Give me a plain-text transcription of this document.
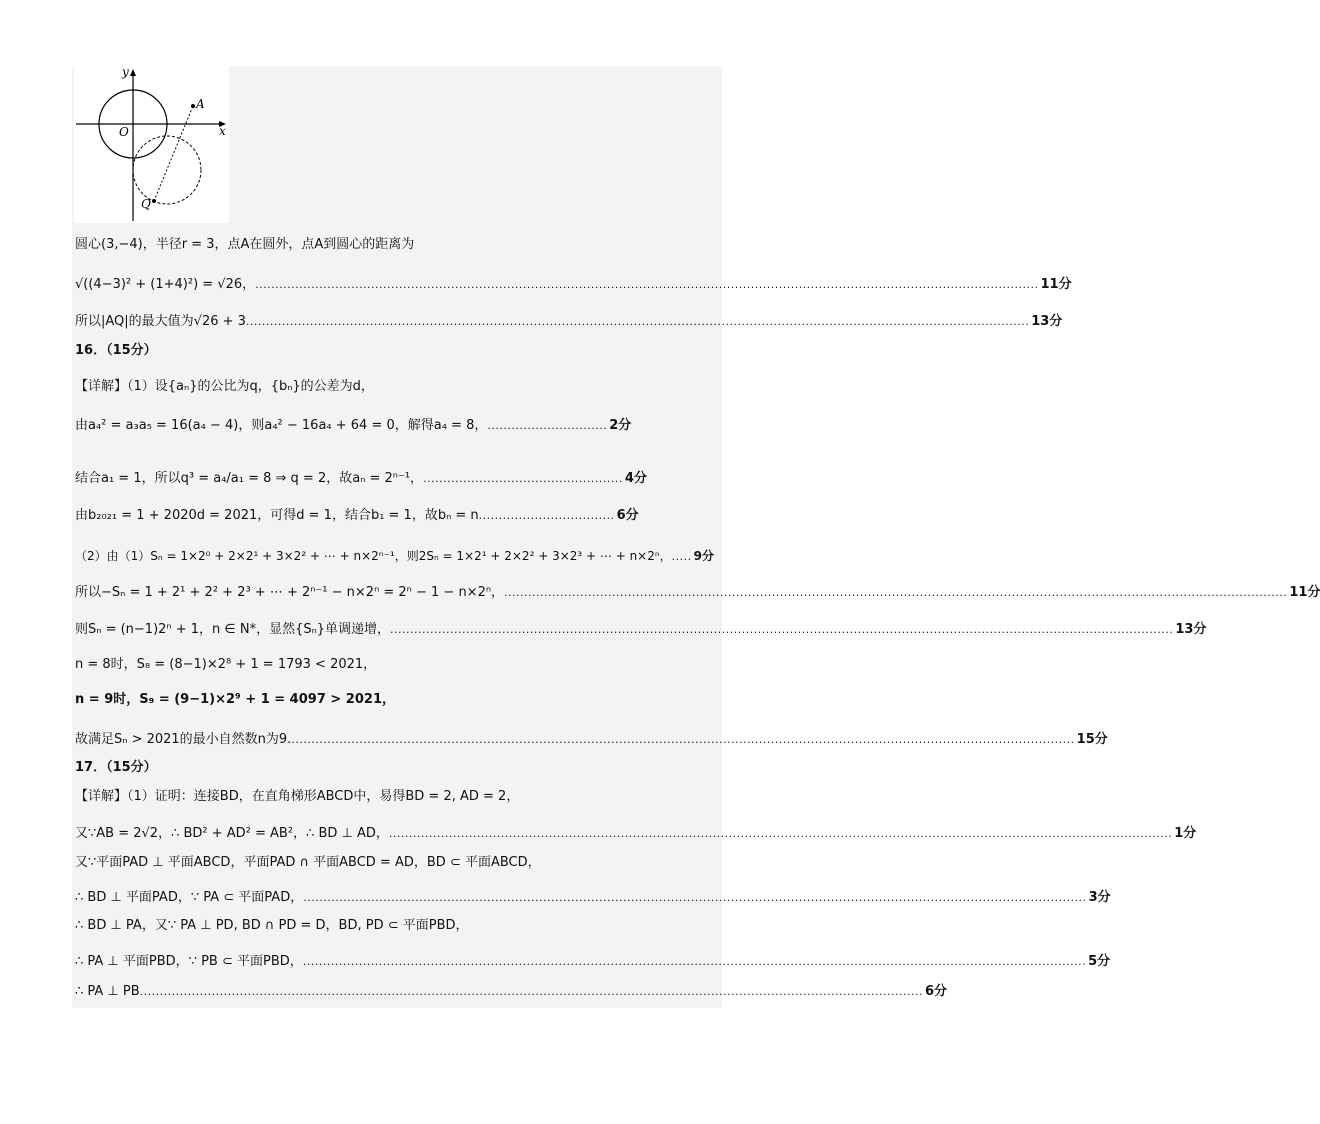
y
x
O
A
Q
圆心(3,−4)，半径r = 3，点A在圆外，点A到圆心的距离为
√((4−3)² + (1+4)²) = √26， .................................................................................................................................................................................................... 11分
所以|AQ|的最大值为√26 + 3 .................................................................................................................................................................................................... 13分
16．（15分）
【详解】（1）设{aₙ}的公比为q，{bₙ}的公差为d，
由a₄² = a₃a₅ = 16(a₄ − 4)，则a₄² − 16a₄ + 64 = 0，解得a₄ = 8， .............................. 2分
结合a₁ = 1，所以q³ = a₄/a₁ = 8 ⇒ q = 2，故aₙ = 2ⁿ⁻¹， .................................................. 4分
由b₂₀₂₁ = 1 + 2020d = 2021，可得d = 1，结合b₁ = 1，故bₙ = n .................................. 6分
（2）由（1）Sₙ = 1×2⁰ + 2×2¹ + 3×2² + ⋯ + n×2ⁿ⁻¹，则2Sₙ = 1×2¹ + 2×2² + 3×2³ + ⋯ + n×2ⁿ， ..... 9分
所以−Sₙ = 1 + 2¹ + 2² + 2³ + ⋯ + 2ⁿ⁻¹ − n×2ⁿ = 2ⁿ − 1 − n×2ⁿ， .................................................................................................................................................................................................... 11分
则Sₙ = (n−1)2ⁿ + 1，n ∈ N*，显然{Sₙ}单调递增， .................................................................................................................................................................................................... 13分
n = 8时，S₈ = (8−1)×2⁸ + 1 = 1793 < 2021，
n = 9时，S₉ = (9−1)×2⁹ + 1 = 4097 > 2021，
故满足Sₙ > 2021的最小自然数n为9. .................................................................................................................................................................................................... 15分
17．（15分）
【详解】（1）证明：连接BD，在直角梯形ABCD中，易得BD = 2, AD = 2，
又∵AB = 2√2，∴ BD² + AD² = AB²，∴ BD ⊥ AD， .................................................................................................................................................................................................... 1分
又∵平面PAD ⊥ 平面ABCD，平面PAD ∩ 平面ABCD = AD，BD ⊂ 平面ABCD，
∴ BD ⊥ 平面PAD，∵ PA ⊂ 平面PAD， .................................................................................................................................................................................................... 3分
∴ BD ⊥ PA，又∵ PA ⊥ PD, BD ∩ PD = D，BD, PD ⊂ 平面PBD，
∴ PA ⊥ 平面PBD，∵ PB ⊂ 平面PBD， .................................................................................................................................................................................................... 5分
∴ PA ⊥ PB .................................................................................................................................................................................................... 6分
